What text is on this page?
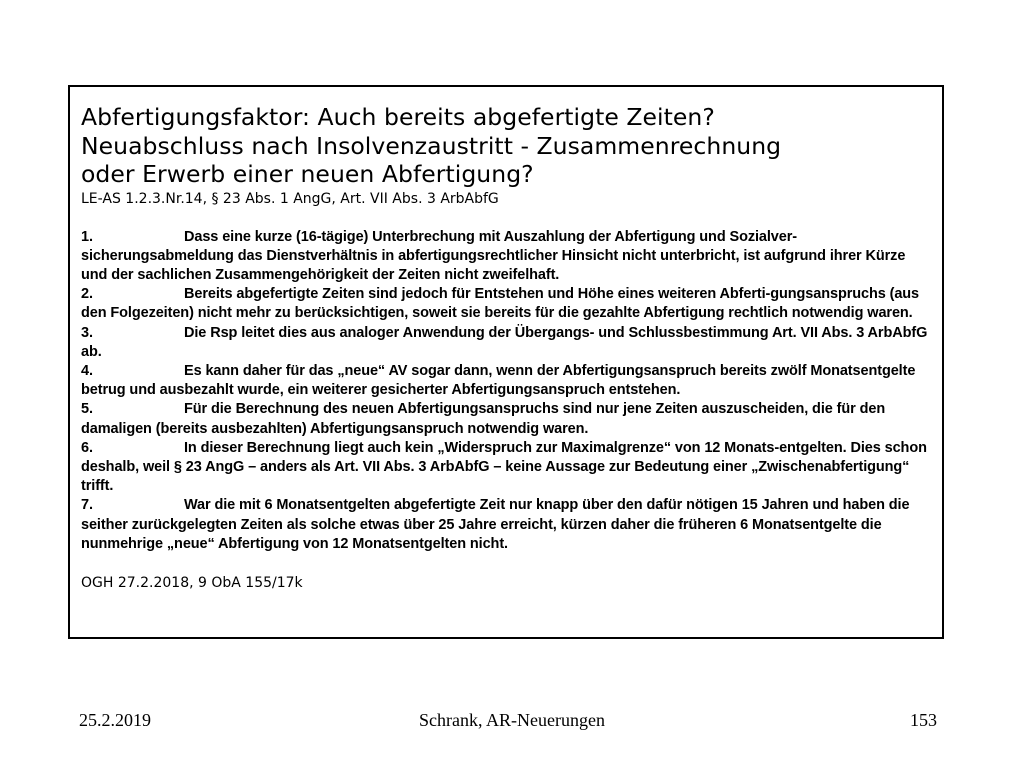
Abfertigungsfaktor: Auch bereits abgefertigte Zeiten?
Neuabschluss nach Insolvenzaustritt - Zusammenrechnung
oder Erwerb einer neuen Abfertigung?
LE-AS 1.2.3.Nr.14, § 23 Abs. 1 AngG, Art. VII Abs. 3 ArbAbfG
1.	Dass eine kurze (16-tägige) Unterbrechung mit Auszahlung der Abfertigung und Sozialver-sicherungsabmeldung das Dienstverhältnis in abfertigungsrechtlicher Hinsicht nicht unterbricht, ist aufgrund ihrer Kürze und der sachlichen Zusammengehörigkeit der Zeiten nicht zweifelhaft.
2.	Bereits abgefertigte Zeiten sind jedoch für Entstehen und Höhe eines weiteren Abferti-gungsanspruchs (aus den Folgezeiten) nicht mehr zu berücksichtigen, soweit sie bereits für die gezahlte Abfertigung rechtlich notwendig waren.
3.	Die Rsp leitet dies aus analoger Anwendung der Übergangs- und Schlussbestimmung Art. VII Abs. 3 ArbAbfG ab.
4.	Es kann daher für das „neue“ AV sogar dann, wenn der Abfertigungsanspruch bereits zwölf Monatsentgelte betrug und ausbezahlt wurde, ein weiterer gesicherter Abfertigungsanspruch entstehen.
5.	Für die Berechnung des neuen Abfertigungsanspruchs sind nur jene Zeiten auszuscheiden, die für den damaligen (bereits ausbezahlten) Abfertigungsanspruch notwendig waren.
6.	In dieser Berechnung liegt auch kein „Widerspruch zur Maximalgrenze“ von 12 Monats-entgelten. Dies schon deshalb, weil § 23 AngG – anders als Art. VII Abs. 3 ArbAbfG – keine Aussage zur Bedeutung einer „Zwischenabfertigung“ trifft.
7.	War die mit 6 Monatsentgelten abgefertigte Zeit nur knapp über den dafür nötigen 15 Jahren und haben die seither zurückgelegten Zeiten als solche etwas über 25 Jahre erreicht, kürzen daher die früheren 6 Monatsentgelte die nunmehrige „neue“ Abfertigung von 12 Monatsentgelten nicht.
OGH 27.2.2018, 9 ObA 155/17k
25.2.2019	Schrank, AR-Neuerungen	153
